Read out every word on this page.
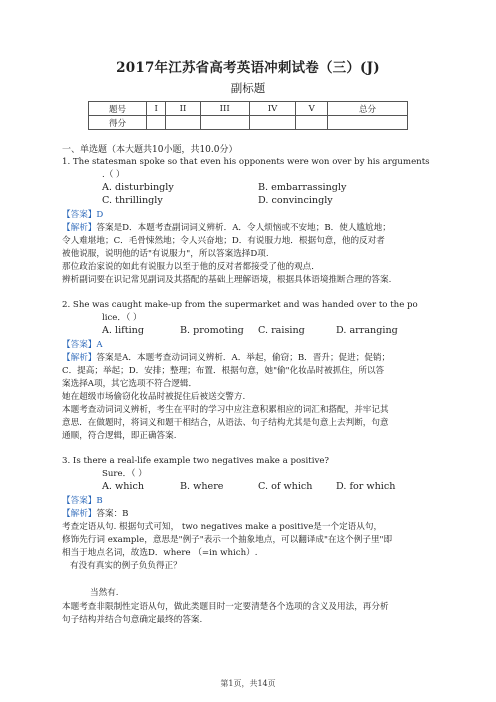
2017年江苏省高考英语冲刺试卷（三）(J)
副标题
题号	I	II	III	IV	V	总分
得分						
一、单选题（本大题共10小题，共10.0分）
1. The statesman spoke so that even his opponents were won over by his arguments
.（ ）
A. disturbingly	B. embarrassingly
C. thrillingly	D. convincingly
【答案】D
【解析】答案是D．本题考查副词词义辨析．A．令人烦恼或不安地；B．使人尴尬地；
令人难堪地；C．毛骨悚然地；令人兴奋地；D．有说服力地．根据句意，他的反对者
被他说服，说明他的话"有说服力"，所以答案选择D项.
那位政治家说的如此有说服力以至于他的反对者都接受了他的观点．
辨析副词要在识记常见副词及其搭配的基础上理解语境，根据具体语境推断合理的答案.
2. She was caught make-up from the supermarket and was handed over to the po
lice．（ ）
A. lifting	B. promoting C. raising	D. arranging
【答案】A
【解析】答案是A．本题考查动词词义辨析．A．举起，偷窃；B．晋升；促进；促销；
C．提高；举起；D．安排；整理；布置．根据句意，她"偷"化妆品时被抓住，所以答
案选择A项，其它选项不符合逻辑．
她在超级市场偷窃化妆品时被捉住后被送交警方.
本题考查动词词义辨析，考生在平时的学习中应注意积累相应的词汇和搭配，并牢记其
意思．在做题时，将词义和题干相结合，从语法、句子结构尤其是句意上去判断，句意
通顺，符合逻辑，即正确答案.
3. Is there a real-life example two negatives make a positive?
Sure．（ ）
A. which	B. where	C. of which D. for which
【答案】B
【解析】答案：B
考查定语从句. 根据句式可知， two negatives make a positive是一个定语从句，
修饰先行词 example，意思是"例子"表示一个抽象地点，可以翻译成"在这个例子里"即
相当于地点名词，故选D．where （=in which）.
有没有真实的例子负负得正？
当然有.
本题考查非限制性定语从句，做此类题目时一定要清楚各个选项的含义及用法，再分析
句子结构并结合句意确定最终的答案.
第1页，共14页
